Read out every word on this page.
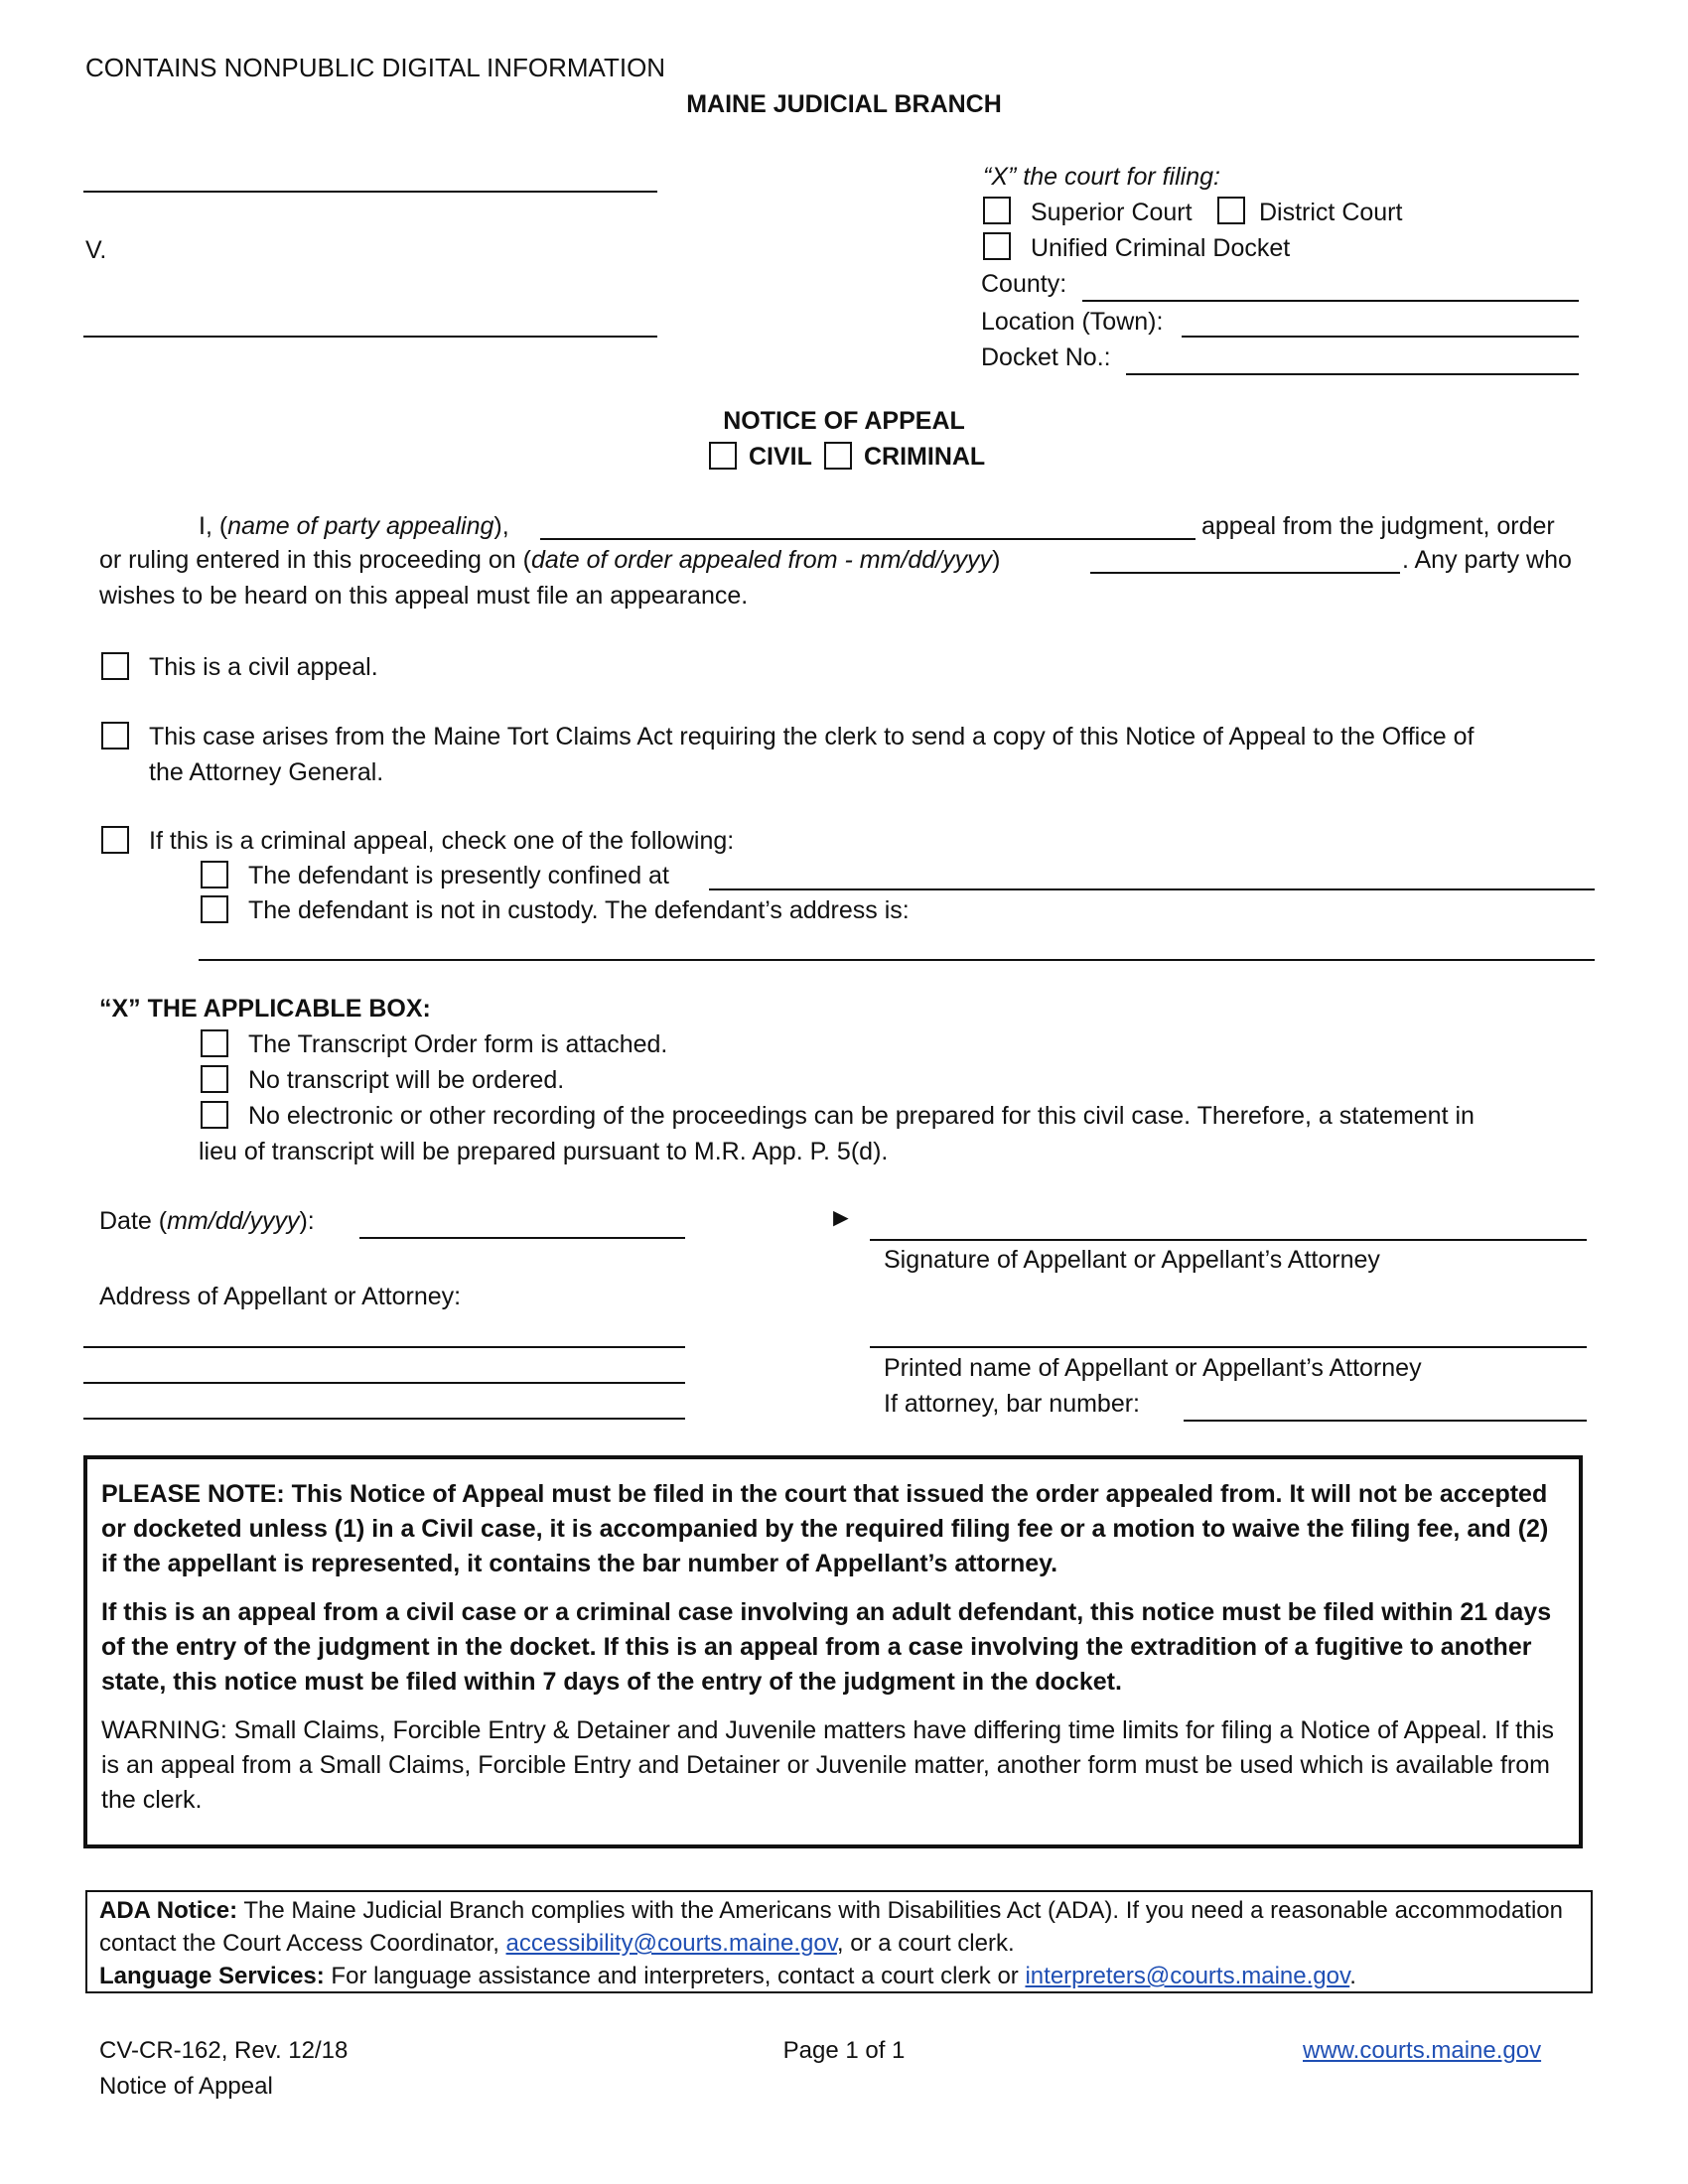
CONTAINS NONPUBLIC DIGITAL INFORMATION
MAINE JUDICIAL BRANCH
V.
“X” the court for filing:
Superior Court	District Court
Unified Criminal Docket
County:
Location (Town):
Docket No.:
NOTICE OF APPEAL
CIVIL CRIMINAL
I, (name of party appealing),	appeal from the judgment, order
or ruling entered in this proceeding on (date of order appealed from - mm/dd/yyyy)	. Any party who
wishes to be heard on this appeal must file an appearance.
This is a civil appeal.
This case arises from the Maine Tort Claims Act requiring the clerk to send a copy of this Notice of Appeal to the Office of
the Attorney General.
If this is a criminal appeal, check one of the following:
The defendant is presently confined at
The defendant is not in custody. The defendant’s address is:
“X” THE APPLICABLE BOX:
The Transcript Order form is attached.
No transcript will be ordered.
No electronic or other recording of the proceedings can be prepared for this civil case. Therefore, a statement in
lieu of transcript will be prepared pursuant to M.R. App. P. 5(d).
Date (mm/dd/yyyy):	►
Signature of Appellant or Appellant’s Attorney
Address of Appellant or Attorney:
Printed name of Appellant or Appellant’s Attorney
If attorney, bar number:

PLEASE NOTE: This Notice of Appeal must be filed in the court that issued the order appealed from. It will not be accepted or docketed unless (1) in a Civil case, it is accompanied by the required filing fee or a motion to waive the filing fee, and (2) if the appellant is represented, it contains the bar number of Appellant’s attorney.

If this is an appeal from a civil case or a criminal case involving an adult defendant, this notice must be filed within 21 days of the entry of the judgment in the docket. If this is an appeal from a case involving the extradition of a fugitive to another state, this notice must be filed within 7 days of the entry of the judgment in the docket.

WARNING: Small Claims, Forcible Entry & Detainer and Juvenile matters have differing time limits for filing a Notice of Appeal. If this is an appeal from a Small Claims, Forcible Entry and Detainer or Juvenile matter, another form must be used which is available from the clerk.

ADA Notice: The Maine Judicial Branch complies with the Americans with Disabilities Act (ADA). If you need a reasonable accommodation contact the Court Access Coordinator, accessibility@courts.maine.gov, or a court clerk.
Language Services: For language assistance and interpreters, contact a court clerk or interpreters@courts.maine.gov.
CV-CR-162, Rev. 12/18
Notice of Appeal
Page 1 of 1	www.courts.maine.gov
